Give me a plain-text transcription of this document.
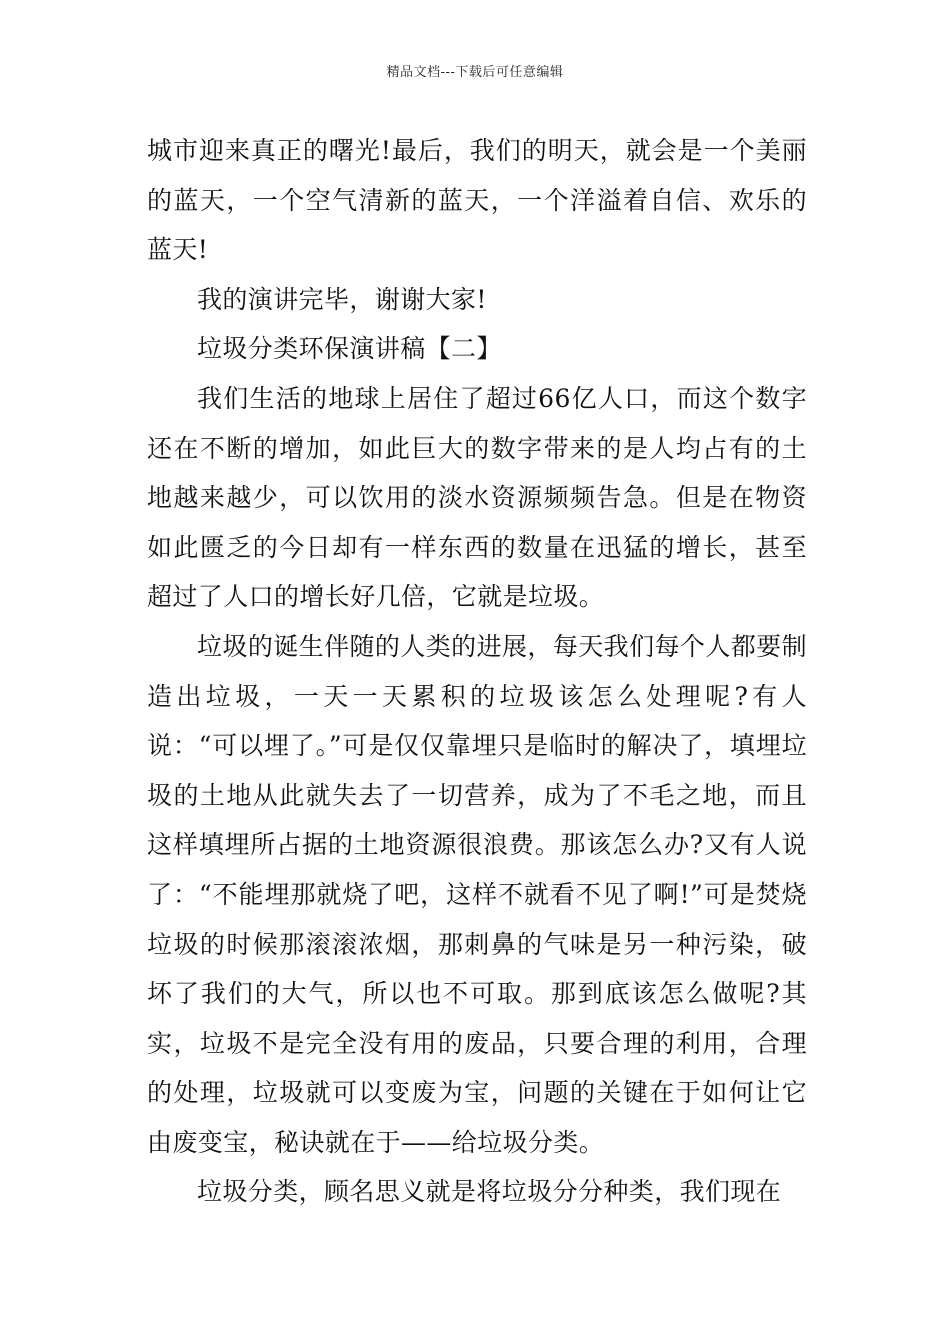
精品文档---下载后可任意编辑

城市迎来真正的曙光!最后，我们的明天，就会是一个美丽的蓝天，一个空气清新的蓝天，一个洋溢着自信、欢乐的蓝天!

我的演讲完毕，谢谢大家!

垃圾分类环保演讲稿【二】

我们生活的地球上居住了超过66亿人口，而这个数字还在不断的增加，如此巨大的数字带来的是人均占有的土地越来越少，可以饮用的淡水资源频频告急。但是在物资如此匮乏的今日却有一样东西的数量在迅猛的增长，甚至超过了人口的增长好几倍，它就是垃圾。

垃圾的诞生伴随的人类的进展，每天我们每个人都要制造出垃圾，一天一天累积的垃圾该怎么处理呢?有人说：“可以埋了。”可是仅仅靠埋只是临时的解决了，填埋垃圾的土地从此就失去了一切营养，成为了不毛之地，而且这样填埋所占据的土地资源很浪费。那该怎么办?又有人说了：“不能埋那就烧了吧，这样不就看不见了啊!”可是焚烧垃圾的时候那滚滚浓烟，那刺鼻的气味是另一种污染，破坏了我们的大气，所以也不可取。那到底该怎么做呢?其实，垃圾不是完全没有用的废品，只要合理的利用，合理的处理，垃圾就可以变废为宝，问题的关键在于如何让它由废变宝，秘诀就在于——给垃圾分类。

垃圾分类，顾名思义就是将垃圾分分种类，我们现在
